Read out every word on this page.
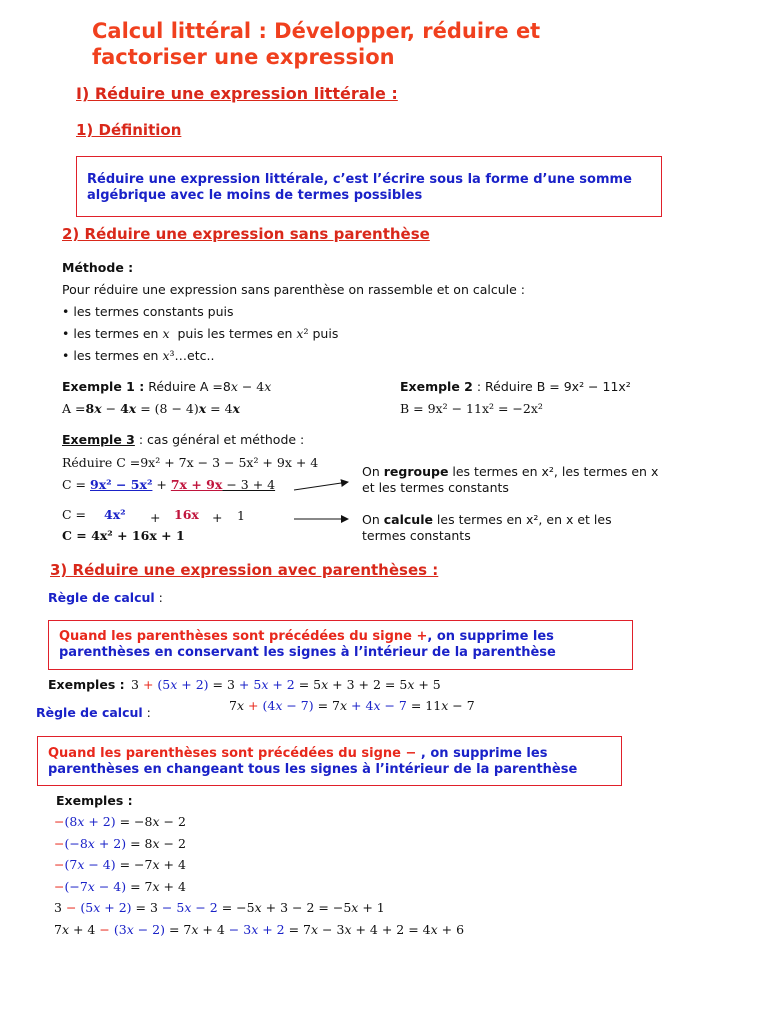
Calcul littéral : Développer, réduire et
factoriser une expression
I) Réduire une expression littérale :
1) Définition
Réduire une expression littérale, c’est l’écrire sous la forme d’une somme
algébrique avec le moins de termes possibles
2) Réduire une expression sans parenthèse
Méthode :
Pour réduire une expression sans parenthèse on rassemble et on calcule :
• les termes constants puis
• les termes en x puis les termes en x² puis
• les termes en x³…etc..
Exemple 1 : Réduire A =8x − 4x
A =8x − 4x = (8 − 4)x = 4x
Exemple 2 : Réduire B = 9x² − 11x²
B = 9x² − 11x² = −2x²
Exemple 3 : cas général et méthode :
Réduire C =9x² + 7x − 3 − 5x² + 9x + 4
C = 9x² − 5x² + 7x + 9x − 3 + 4
C = 4x² + 16x + 1
C = 4x² + 16x + 1
On regroupe les termes en x², les termes en x
et les termes constants
On calcule les termes en x², en x et les
termes constants
3) Réduire une expression avec parenthèses :
Règle de calcul :
Quand les parenthèses sont précédées du signe +, on supprime les
parenthèses en conservant les signes à l’intérieur de la parenthèse
Exemples : 3 + (5x + 2) = 3 + 5x + 2 = 5x + 3 + 2 = 5x + 5
Règle de calcul :	7x + (4x − 7) = 7x + 4x − 7 = 11x − 7
Quand les parenthèses sont précédées du signe − , on supprime les
parenthèses en changeant tous les signes à l’intérieur de la parenthèse
Exemples :
−(8x + 2) = −8x − 2
−(−8x + 2) = 8x − 2
−(7x − 4) = −7x + 4
−(−7x − 4) = 7x + 4
3 − (5x + 2) = 3 − 5x − 2 = −5x + 3 − 2 = −5x + 1
7x + 4 − (3x − 2) = 7x + 4 − 3x + 2 = 7x − 3x + 4 + 2 = 4x + 6
